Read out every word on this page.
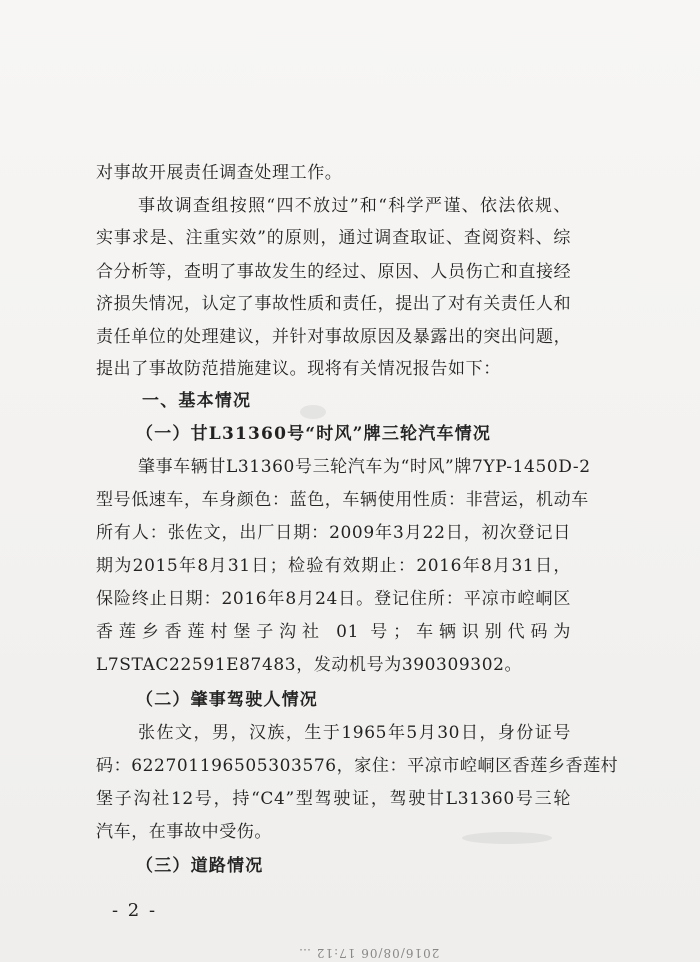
对事故开展责任调查处理工作。
事故调查组按照“四不放过”和“科学严谨、依法依规、
实事求是、注重实效”的原则，通过调查取证、查阅资料、综
合分析等，查明了事故发生的经过、原因、人员伤亡和直接经
济损失情况，认定了事故性质和责任，提出了对有关责任人和
责任单位的处理建议，并针对事故原因及暴露出的突出问题，
提出了事故防范措施建议。现将有关情况报告如下：
一、基本情况
（一）甘L31360号“时风”牌三轮汽车情况
肇事车辆甘L31360号三轮汽车为“时风”牌7YP-1450D-2
型号低速车，车身颜色：蓝色，车辆使用性质：非营运，机动车
所有人：张佐文，出厂日期：2009年3月22日，初次登记日
期为2015年8月31日；检验有效期止：2016年8月31日，
保险终止日期：2016年8月24日。登记住所：平凉市崆峒区
香莲乡香莲村堡子沟社 01 号；车辆识别代码为
L7STAC22591E87483，发动机号为390309302。
（二）肇事驾驶人情况
张佐文，男，汉族，生于1965年5月30日，身份证号
码：622701196505303576，家住：平凉市崆峒区香莲乡香莲村
堡子沟社12号，持“C4”型驾驶证，驾驶甘L31360号三轮
汽车，在事故中受伤。
（三）道路情况
- 2 -
2016/08/06 17:12 …
